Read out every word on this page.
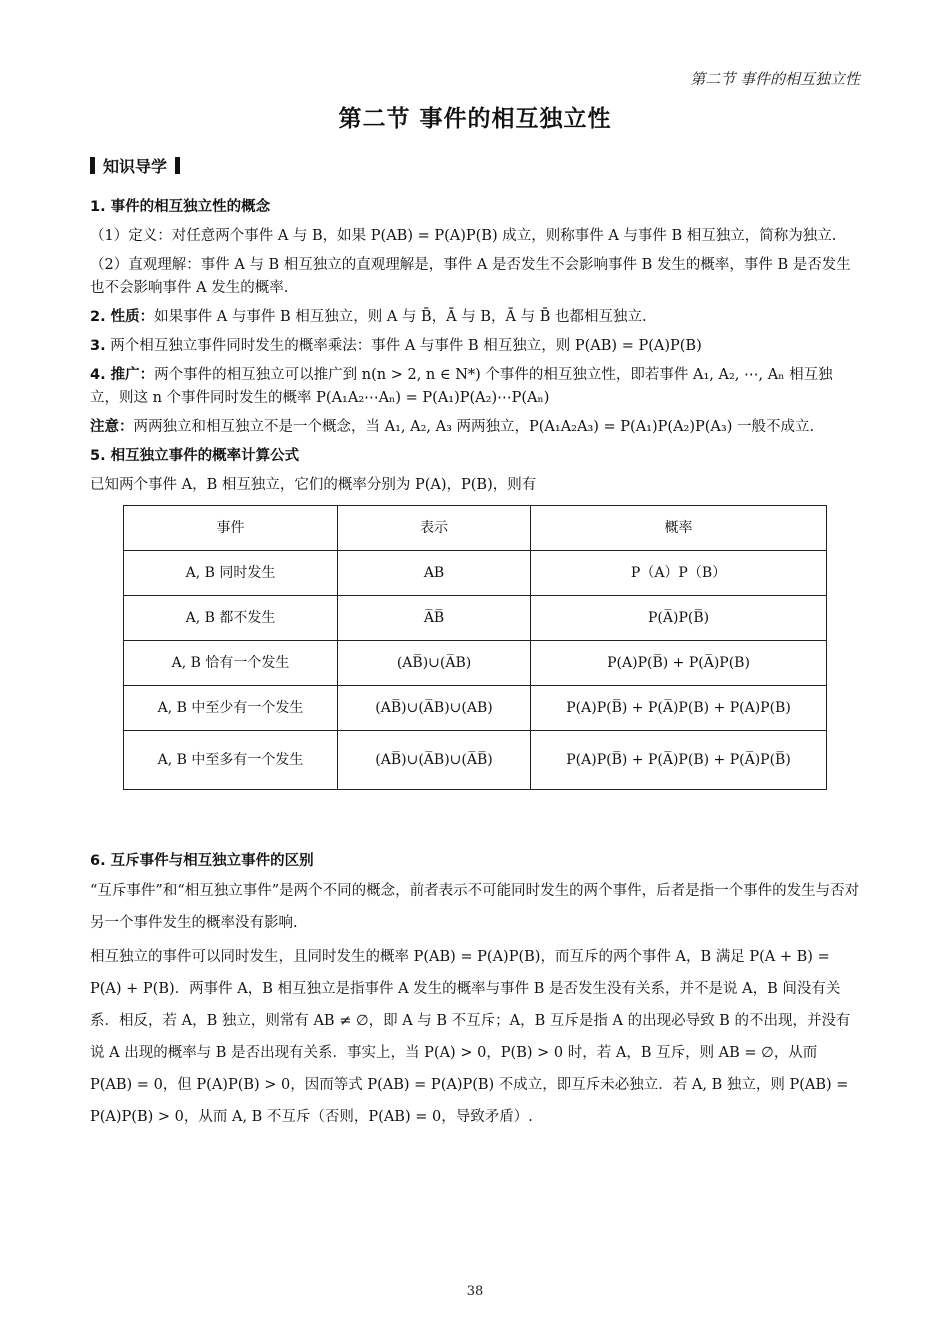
第二节 事件的相互独立性
第二节 事件的相互独立性
知识导学

1. 事件的相互独立性的概念

（1）定义：对任意两个事件 A 与 B，如果 P(AB) = P(A)P(B) 成立，则称事件 A 与事件 B 相互独立，简称为独立.

（2）直观理解：事件 A 与 B 相互独立的直观理解是，事件 A 是否发生不会影响事件 B 发生的概率，事件 B 是否发生也不会影响事件 A 发生的概率.

2. 性质：如果事件 A 与事件 B 相互独立，则 A 与 B̄，Ā 与 B，Ā 与 B̄ 也都相互独立.

3. 两个相互独立事件同时发生的概率乘法：事件 A 与事件 B 相互独立，则 P(AB) = P(A)P(B)

4. 推广：两个事件的相互独立可以推广到 n(n > 2, n ∈ N*) 个事件的相互独立性，即若事件 A₁, A₂, ⋯, Aₙ 相互独立，则这 n 个事件同时发生的概率 P(A₁A₂⋯Aₙ) = P(A₁)P(A₂)⋯P(Aₙ)

注意：两两独立和相互独立不是一个概念，当 A₁, A₂, A₃ 两两独立，P(A₁A₂A₃) = P(A₁)P(A₂)P(A₃) 一般不成立.

5. 相互独立事件的概率计算公式

已知两个事件 A，B 相互独立，它们的概率分别为 P(A)，P(B)，则有

事件	表示	概率
A, B 同时发生	AB	P（A）P（B）
A, B 都不发生	A̅B̅	P(A̅)P(B̅)
A, B 恰有一个发生	(AB̅)∪(A̅B)	P(A)P(B̅) + P(A̅)P(B)
A, B 中至少有一个发生	(AB̅)∪(A̅B)∪(AB)	P(A)P(B̅) + P(A̅)P(B) + P(A)P(B)
A, B 中至多有一个发生	(AB̅)∪(A̅B)∪(A̅B̅)	P(A)P(B̅) + P(A̅)P(B) + P(A̅)P(B̅)

6. 互斥事件与相互独立事件的区别

“互斥事件”和“相互独立事件”是两个不同的概念，前者表示不可能同时发生的两个事件，后者是指一个事件的发生与否对另一个事件发生的概率没有影响.

相互独立的事件可以同时发生，且同时发生的概率 P(AB) = P(A)P(B)，而互斥的两个事件 A，B 满足 P(A + B) = P(A) + P(B)．两事件 A，B 相互独立是指事件 A 发生的概率与事件 B 是否发生没有关系，并不是说 A，B 间没有关系．相反，若 A，B 独立，则常有 AB ≠ ∅，即 A 与 B 不互斥；A，B 互斥是指 A 的出现必导致 B 的不出现，并没有说 A 出现的概率与 B 是否出现有关系．事实上，当 P(A) > 0，P(B) > 0 时，若 A，B 互斥，则 AB = ∅，从而 P(AB) = 0，但 P(A)P(B) > 0，因而等式 P(AB) = P(A)P(B) 不成立，即互斥未必独立．若 A, B 独立，则 P(AB) = P(A)P(B) > 0，从而 A, B 不互斥（否则，P(AB) = 0，导致矛盾）.

38
